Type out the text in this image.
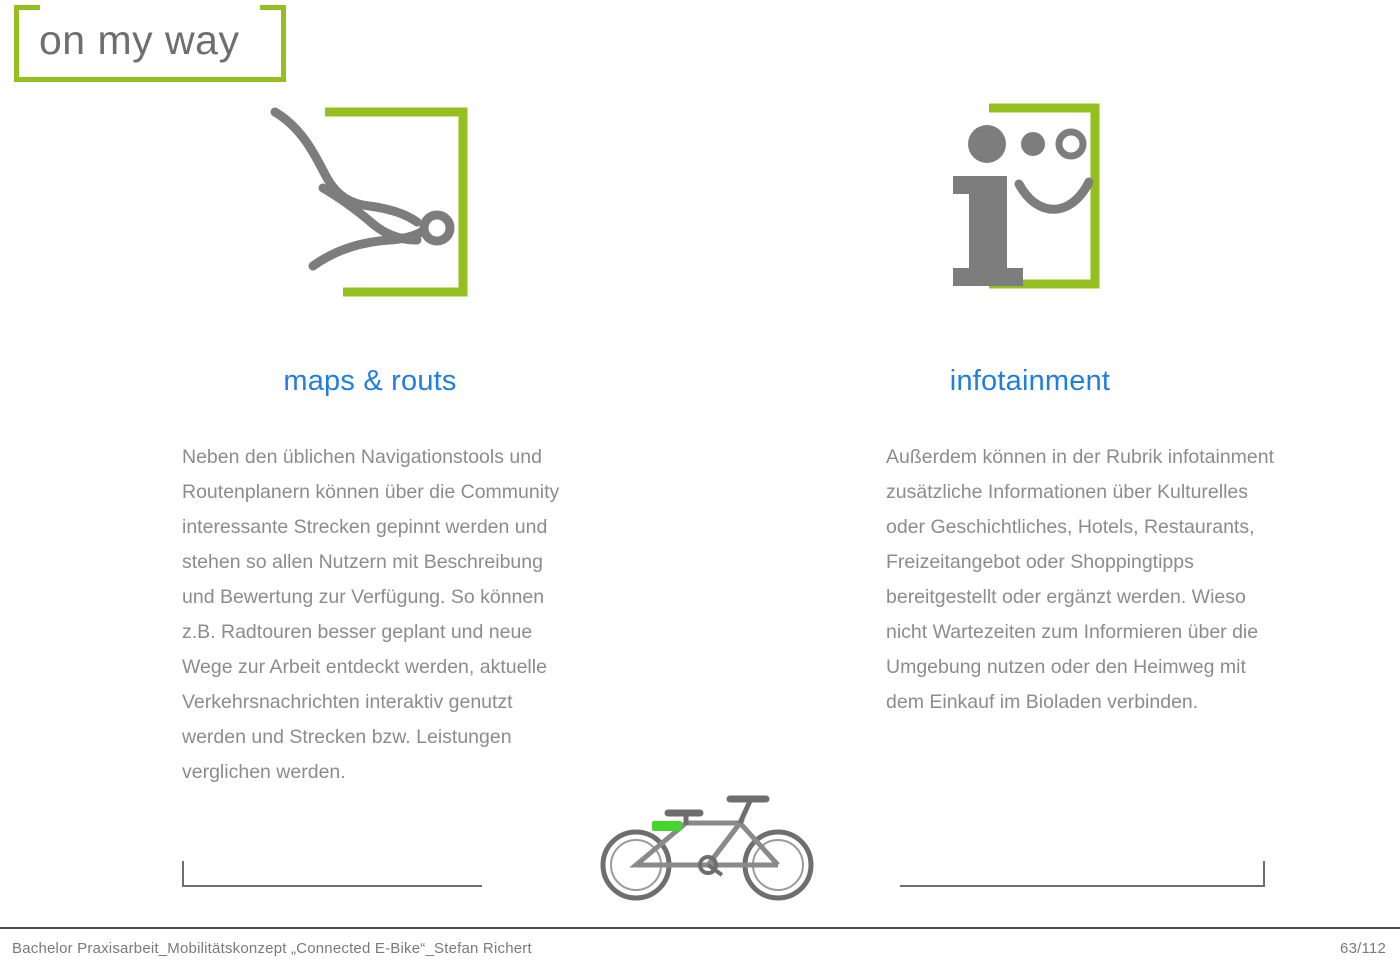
on my way
maps & routs
Neben den üblichen Navigationstools und Routenplanern können über die Community interessante Strecken gepinnt werden und stehen so allen Nutzern mit Beschreibung und Bewertung zur Verfügung. So können z.B. Radtouren besser geplant und neue Wege zur Arbeit entdeckt werden, aktuelle Verkehrsnachrichten interaktiv genutzt werden und Strecken bzw. Leistungen verglichen werden.
infotainment
Außerdem können in der Rubrik infotainment zusätzliche Informationen über Kulturelles oder Geschichtliches, Hotels, Restaurants, Freizeitangebot oder Shoppingtipps bereitgestellt oder ergänzt werden. Wieso nicht Wartezeiten zum Informieren über die Umgebung nutzen oder den Heimweg mit dem Einkauf im Bioladen verbinden.
Bachelor Praxisarbeit_Mobilitätskonzept „Connected E-Bike“_Stefan Richert	63/112
